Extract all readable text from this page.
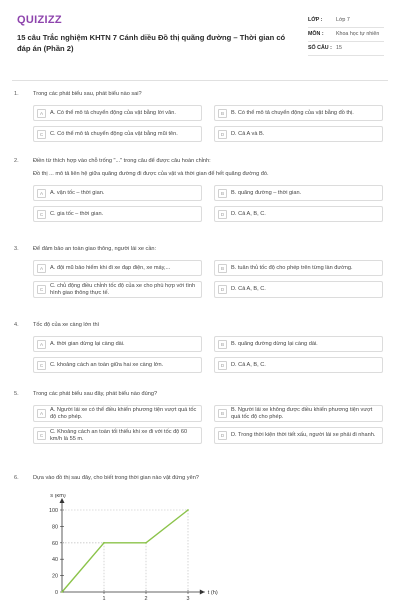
QUIZIZZ
15 câu Trắc nghiệm KHTN 7 Cánh diều Đồ thị quãng đường – Thời gian có đáp án (Phần 2)
LỚP :	Lớp 7
MÔN :	Khoa học tự nhiên
SỐ CÂU : 15
1.	Trong các phát biểu sau, phát biểu nào sai?
A	A. Có thể mô tả chuyển động của vật bằng lời văn.	B	B. Có thể mô tả chuyển động của vật bằng đồ thị.
C	C. Có thể mô tả chuyển động của vật bằng mũi tên.	D	D. Cả A và B.
2.	Điền từ thích hợp vào chỗ trống "..." trong câu để được câu hoàn chỉnh:
Đồ thị ... mô tả liên hệ giữa quãng đường đi được của vật và thời gian để hết quãng đường đó.
A	A. vận tốc – thời gian.	B	B. quãng đường – thời gian.
C	C. gia tốc – thời gian.	D	D. Cả A, B, C.
3.	Để đảm bảo an toàn giao thông, người lái xe cần:
A	A. đội mũ bảo hiểm khi đi xe đạp điện, xe máy,...	B	B. tuân thủ tốc độ cho phép trên từng làn đường.
C
C. chủ động điều chỉnh tốc độ của xe cho phù hợp với tình hình giao thông thực tế.	D	D. Cả A, B, C.
4.	Tốc độ của xe càng lớn thì
A	A. thời gian dừng lại càng dài.	B	B. quãng đường dừng lại càng dài.
C	C. khoảng cách an toàn giữa hai xe càng lớn.	D	D. Cả A, B, C.
5.	Trong các phát biểu sau đây, phát biểu nào đúng?
A
A. Người lái xe có thể điều khiển phương tiện vượt quá tốc độ cho phép.	B
B. Người lái xe không được điều khiển phương tiện vượt quá tốc độ cho phép.
C
C. Khoảng cách an toàn tối thiểu khi xe đi với tốc độ 60 km/h là 55 m.	D	D. Trong thời kiện thời tiết xấu, người lái xe phải đi nhanh.
6.	Dựa vào đồ thị sau đây, cho biết trong thời gian nào vật đứng yên?
s (km)
t (h)
0
20
40
60
80
100
1	2	3
